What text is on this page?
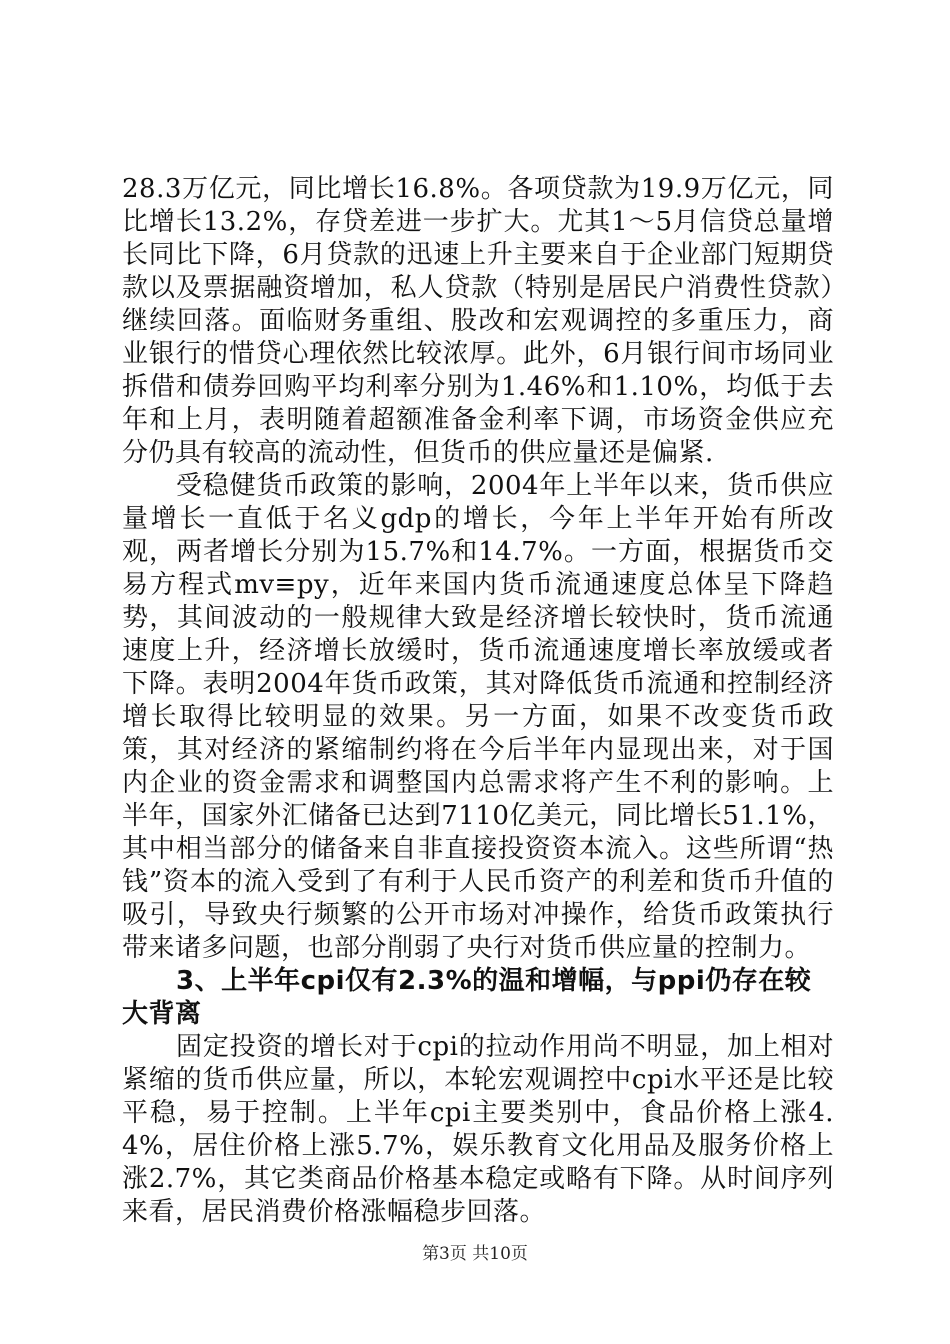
28.3万亿元，同比增长16.8%。各项贷款为19.9万亿元，同比增长13.2%，存贷差进一步扩大。尤其1～5月信贷总量增长同比下降，6月贷款的迅速上升主要来自于企业部门短期贷款以及票据融资增加，私人贷款（特别是居民户消费性贷款）继续回落。面临财务重组、股改和宏观调控的多重压力，商业银行的惜贷心理依然比较浓厚。此外，6月银行间市场同业拆借和债券回购平均利率分别为1.46%和1.10%，均低于去年和上月，表明随着超额准备金利率下调，市场资金供应充分仍具有较高的流动性，但货币的供应量还是偏紧.

受稳健货币政策的影响，2004年上半年以来，货币供应量增长一直低于名义gdp的增长，今年上半年开始有所改观，两者增长分别为15.7%和14.7%。一方面，根据货币交易方程式mv≡py，近年来国内货币流通速度总体呈下降趋势，其间波动的一般规律大致是经济增长较快时，货币流通速度上升，经济增长放缓时，货币流通速度增长率放缓或者下降。表明2004年货币政策，其对降低货币流通和控制经济增长取得比较明显的效果。另一方面，如果不改变货币政策，其对经济的紧缩制约将在今后半年内显现出来，对于国内企业的资金需求和调整国内总需求将产生不利的影响。上半年，国家外汇储备已达到7110亿美元，同比增长51.1%，其中相当部分的储备来自非直接投资资本流入。这些所谓“热钱”资本的流入受到了有利于人民币资产的利差和货币升值的吸引，导致央行频繁的公开市场对冲操作，给货币政策执行带来诸多问题，也部分削弱了央行对货币供应量的控制力。

3、上半年cpi仅有2.3%的温和增幅，与ppi仍存在较大背离

固定投资的增长对于cpi的拉动作用尚不明显，加上相对紧缩的货币供应量，所以，本轮宏观调控中cpi水平还是比较平稳，易于控制。上半年cpi主要类别中，食品价格上涨4.4%，居住价格上涨5.7%，娱乐教育文化用品及服务价格上涨2.7%，其它类商品价格基本稳定或略有下降。从时间序列来看，居民消费价格涨幅稳步回落。

第3页 共10页
